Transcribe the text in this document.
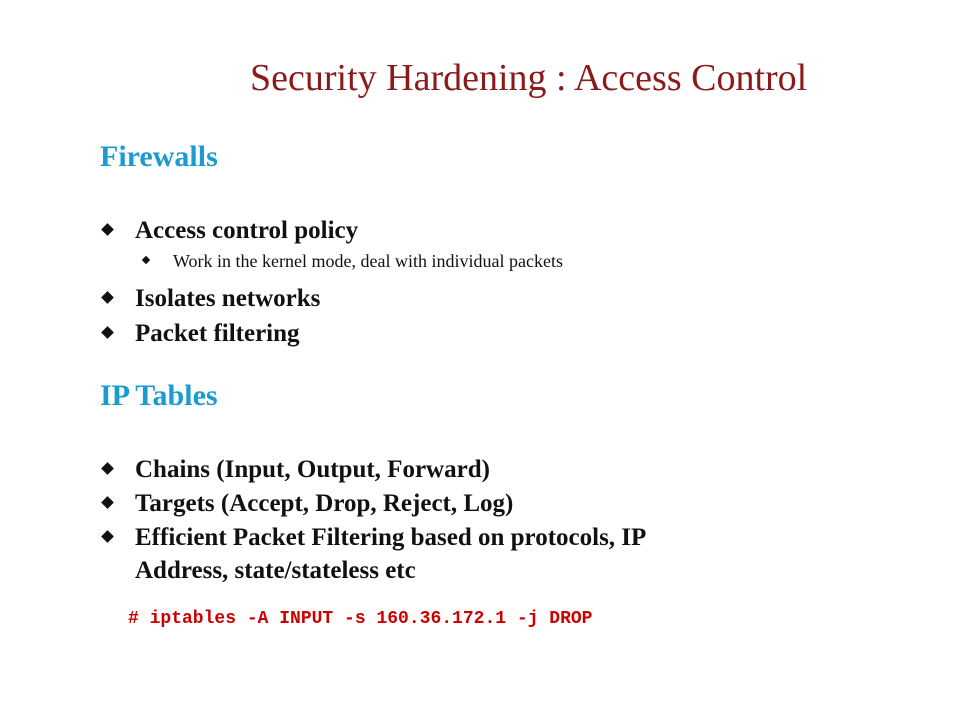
Security Hardening : Access Control
Firewalls
Access control policy
Work in the kernel mode, deal with individual packets
Isolates networks
Packet filtering
IP Tables
Chains (Input, Output, Forward)
Targets (Accept, Drop, Reject, Log)
Efficient Packet Filtering based on protocols, IP
Address, state/stateless etc
# iptables -A INPUT -s 160.36.172.1 -j DROP
